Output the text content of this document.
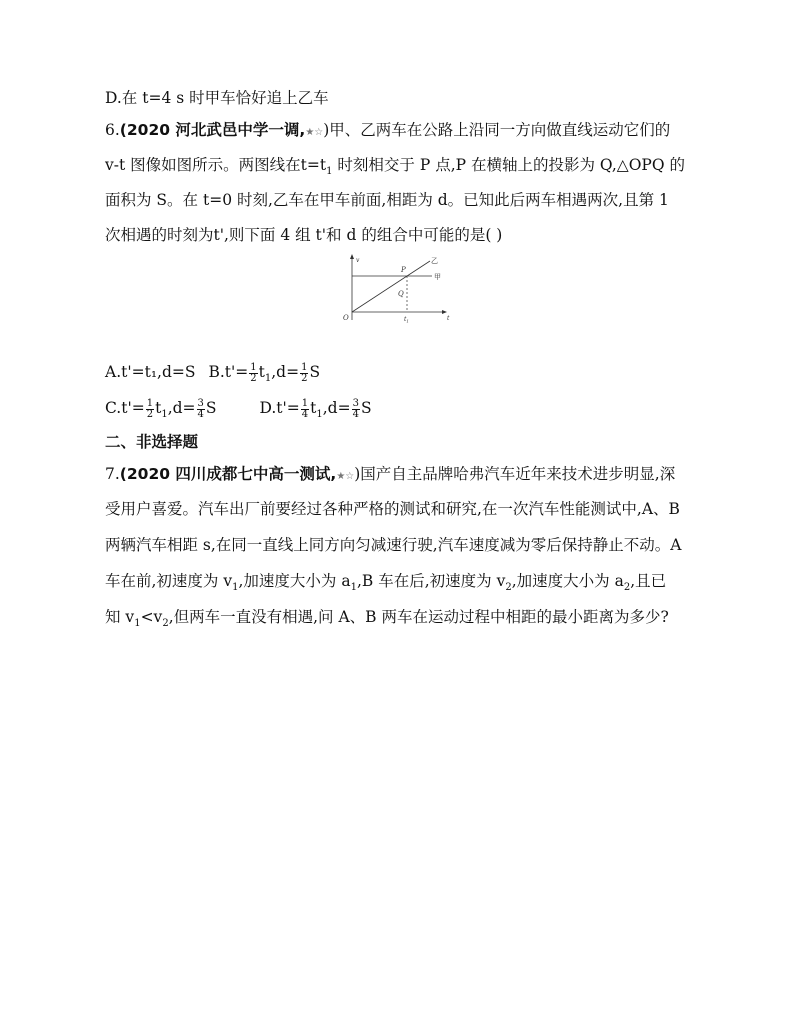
D.在 t=4 s 时甲车恰好追上乙车
6.(2020 河北武邑中学一调,★☆)甲、乙两车在公路上沿同一方向做直线运动它们的
v-t 图像如图所示。两图线在$t=t_1$ 时刻相交于 P 点,P 在横轴上的投影为 Q,△OPQ 的
面积为 S。在 t=0 时刻,乙车在甲车前面,相距为 d。已知此后两车相遇两次,且第 1
次相遇的时刻为t',则下面 4 组 t'和 d 的组合中可能的是( )
v
t
O
P
Q
$t_1$
乙
甲
A.t'=t₁,d=S $B.t'= \frac{1}{2} t_1,d= \frac{1}{2}$ S
$C.t'= \frac{1}{2} t_1,d= \frac{3}{4}$ S	$D.t'= \frac{1}{4} t_1,d= \frac{3}{4}$ S
二、非选择题
7.(2020 四川成都七中高一测试,★☆)国产自主品牌哈弗汽车近年来技术进步明显,深
受用户喜爱。汽车出厂前要经过各种严格的测试和研究,在一次汽车性能测试中,A、B
两辆汽车相距 s,在同一直线上同方向匀减速行驶,汽车速度减为零后保持静止不动。A
车在前,初速度为 $v_1$,加速度大小为 $a_1,B$ 车在后,初速度为 $v_2$,加速度大小为 $a_2$,且已
知 $v_1<v_2$,但两车一直没有相遇,问 A、B 两车在运动过程中相距的最小距离为多少?
